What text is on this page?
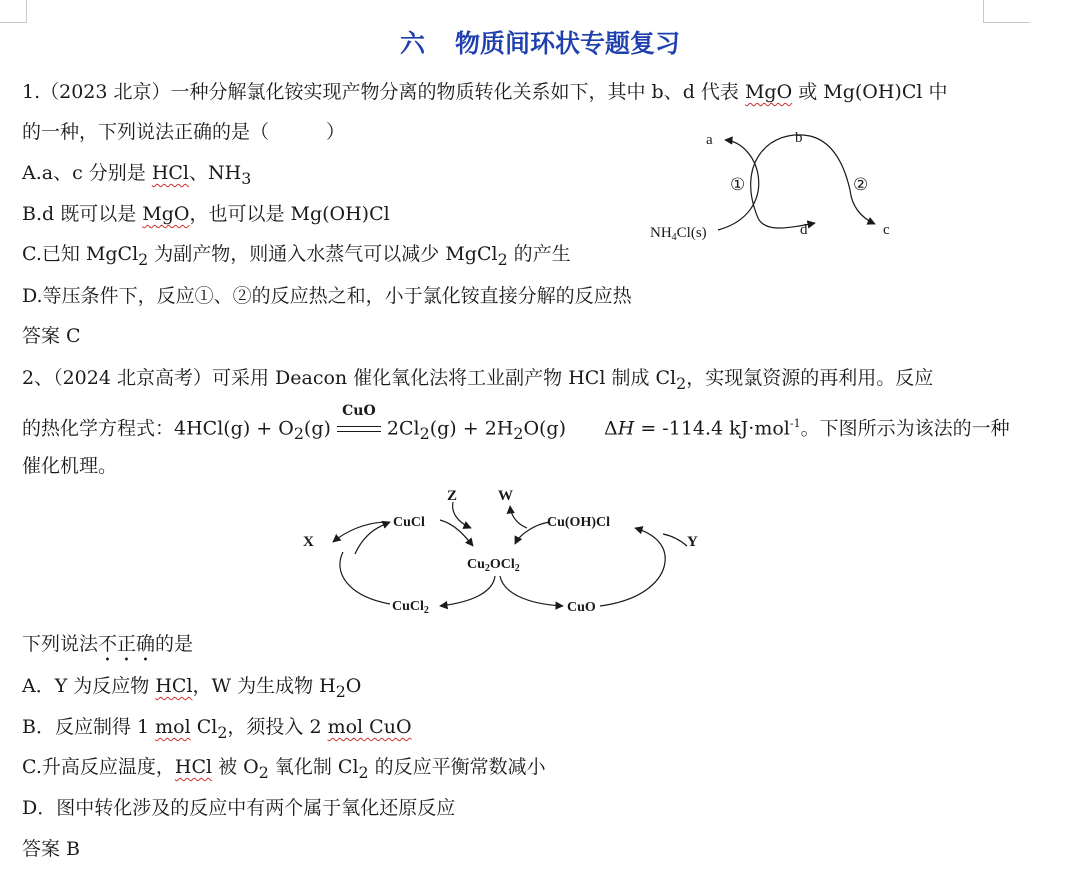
六 物质间环状专题复习
1.（2023 北京）一种分解氯化铵实现产物分离的物质转化关系如下，其中 b、d 代表 MgO 或 Mg(OH)Cl 中
的一种，下列说法正确的是（　　　）
A.a、c 分别是 HCl、$NH_3$
B.d 既可以是 MgO，也可以是 Mg(OH)Cl
C.已知 MgCl$_2$ 为副产物，则通入水蒸气可以减少 MgCl$_2$ 的产生
D.等压条件下，反应①、②的反应热之和，小于氯化铵直接分解的反应热
答案 C
a	b
c
d
①	②
$NH_4Cl(s)$
2、（2024 北京高考）可采用 Deacon 催化氧化法将工业副产物 HCl 制成 $Cl_2$，实现氯资源的再利用。反应
的热化学方程式：$4HCl(g) + O_2(g)$
CuO
$2Cl_2(g) + 2H_2O(g)$　　ΔH = -114.4 kJ·mol$^{-1}$。下图所示为该法的一种
催化机理。
X	Y
Z	W
CuCl	Cu(OH)Cl
$Cu_2OCl_2$
CuCl$_2$	CuO
下列说法不正确的是
A．Y 为反应物 HCl，W 为生成物 $H_2O$
B．反应制得 1 mol $Cl_2$，须投入 2 mol CuO
C.升高反应温度，HCl 被 $O_2$ 氧化制 $Cl_2$ 的反应平衡常数减小
D．图中转化涉及的反应中有两个属于氧化还原反应
答案 B
